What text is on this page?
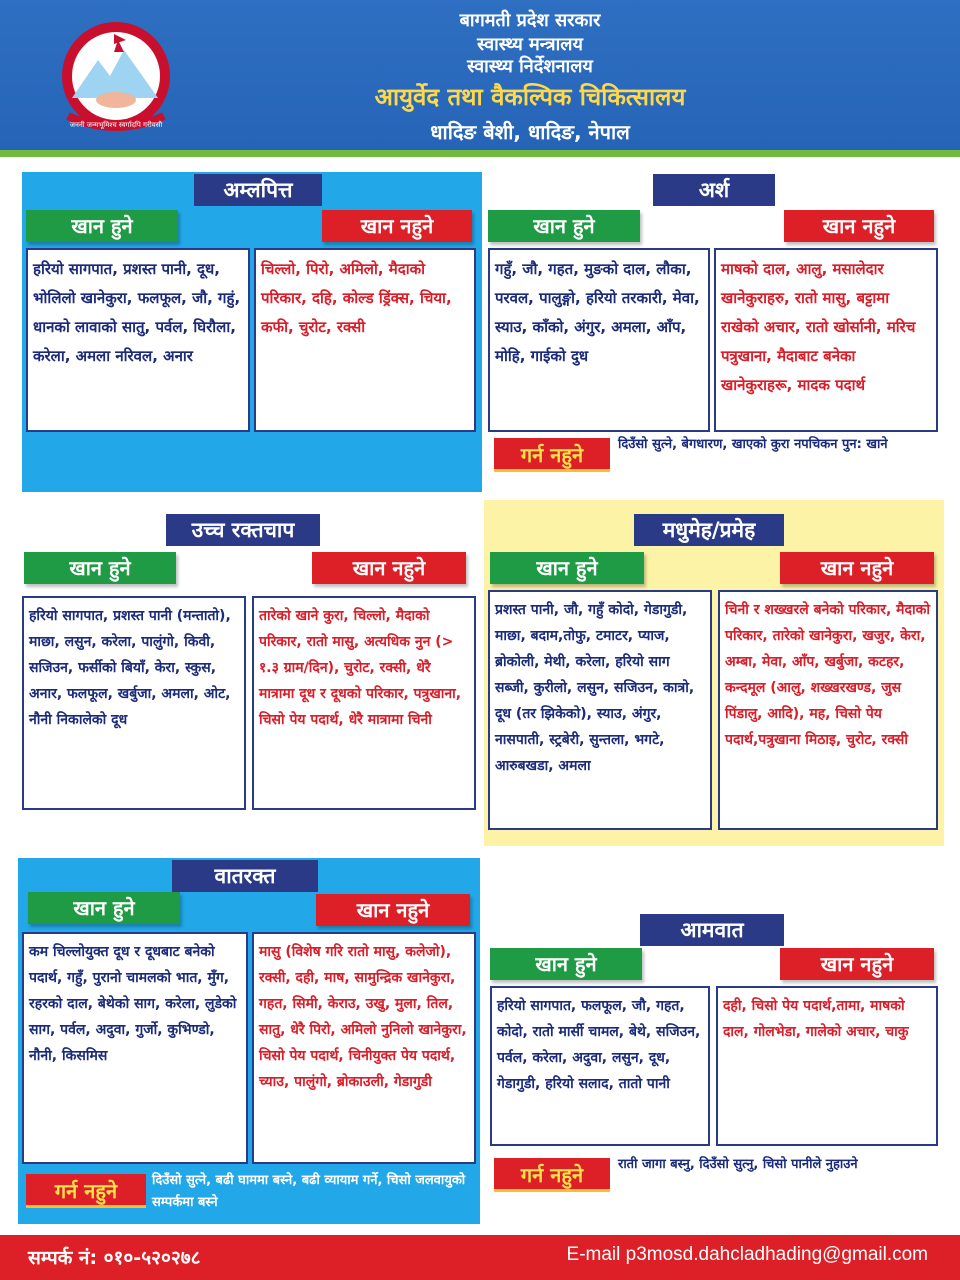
जननी जन्मभूमिश्च स्वर्गादपि गरीयसी
बागमती प्रदेश सरकार
स्वास्थ्य मन्त्रालय
स्वास्थ्य निर्देशनालय
आयुर्वेद तथा वैकल्पिक चिकित्सालय
धादिङ बेशी, धादिङ, नेपाल
अम्लपित्त
खान हुने	खान नहुने
हरियो सागपात, प्रशस्त पानी, दूध, भोलिलो खानेकुरा, फलफूल, जौ, गहुं, धानको लावाको सातु, पर्वल, घिरौला, करेला, अमला नरिवल, अनार
चिल्लो, पिरो, अमिलो, मैदाको परिकार, दहि, कोल्ड ड्रिंक्स, चिया, कफी, चुरोट, रक्सी
अर्श
खान हुने	खान नहुने
गहुँ, जौ, गहत, मुङको दाल, लौका, परवल, पालुङ्गो, हरियो तरकारी, मेवा, स्याउ, काँको, अंगुर, अमला, आँप, मोहि, गाईको दुध
माषको दाल, आलु, मसालेदार खानेकुराहरु, रातो मासु, बट्टामा राखेको अचार, रातो खोर्सानी, मरिच पत्रुखाना, मैदाबाट बनेका खानेकुराहरू, मादक पदार्थ
गर्न नहुने	दिउँसो सुत्ने, बेगधारण, खाएको कुरा नपचिकन पुन: खाने
उच्च रक्तचाप
खान हुने	खान नहुने
हरियो सागपात, प्रशस्त पानी (मन्तातो), माछा, लसुन, करेला, पालुंगो, किवी, सजिउन, फर्सीको बियाँ, केरा, स्कुस, अनार, फलफूल, खर्बुजा, अमला, ओट, नौनी निकालेको दूध
तारेको खाने कुरा, चिल्लो, मैदाको परिकार, रातो मासु, अत्यधिक नुन (> १.३ ग्राम/दिन), चुरोट, रक्सी, धेरै मात्रामा दूध र दूधको परिकार, पत्रुखाना, चिसो पेय पदार्थ, धेरै मात्रामा चिनी
मधुमेह/प्रमेह
खान हुने	खान नहुने
प्रशस्त पानी, जौ, गहुँ कोदो, गेडागुडी, माछा, बदाम,तोफु, टमाटर, प्याज, ब्रोकोली, मेथी, करेला, हरियो साग सब्जी, कुरीलो, लसुन, सजिउन, कात्रो, दूध (तर झिकेको), स्याउ, अंगुर, नासपाती, स्ट्रबेरी, सुन्तला, भगटे, आरुबखडा, अमला
चिनी र शख्खरले बनेको परिकार, मैदाको परिकार, तारेको खानेकुरा, खजुर, केरा, अम्बा, मेवा, आँप, खर्बुजा, कटहर, कन्दमूल (आलु, शख्खरखण्ड, जुस पिंडालु, आदि), मह, चिसो पेय पदार्थ,पत्रुखाना मिठाइ, चुरोट, रक्सी
वातरक्त
खान हुने	खान नहुने
कम चिल्लोयुक्त दूध र दूधबाट बनेको पदार्थ, गहुँ, पुरानो चामलको भात, मुँग, रहरको दाल, बेथेको साग, करेला, लुडेको साग, पर्वल, अदुवा, गुर्जो, कुभिण्डो, नौनी, किसमिस
मासु (विशेष गरि रातो मासु, कलेजो), रक्सी, दही, माष, सामुन्द्रिक खानेकुरा, गहत, सिमी, केराउ, उखु, मुला, तिल, सातु, धेरै पिरो, अमिलो नुनिलो खानेकुरा, चिसो पेय पदार्थ, चिनीयुक्त पेय पदार्थ, च्याउ, पालुंगो, ब्रोकाउली, गेडागुडी
गर्न नहुने	दिउँसो सुत्ने, बढी घाममा बस्ने, बढी व्यायाम गर्ने, चिसो जलवायुको सम्पर्कमा बस्ने
आमवात
खान हुने	खान नहुने
हरियो सागपात, फलफूल, जौ, गहत, कोदो, रातो मार्सी चामल, बेथे, सजिउन, पर्वल, करेला, अदुवा, लसुन, दूध, गेडागुडी, हरियो सलाद, तातो पानी
दही, चिसो पेय पदार्थ,तामा, माषको दाल, गोलभेडा, गालेको अचार, चाकु
गर्न नहुने	राती जागा बस्नु, दिउँसो सुत्नु, चिसो पानीले नुहाउने
सम्पर्क नं: ०१०-५२०२७८	E-mail p3mosd.dahcladhading@gmail.com
